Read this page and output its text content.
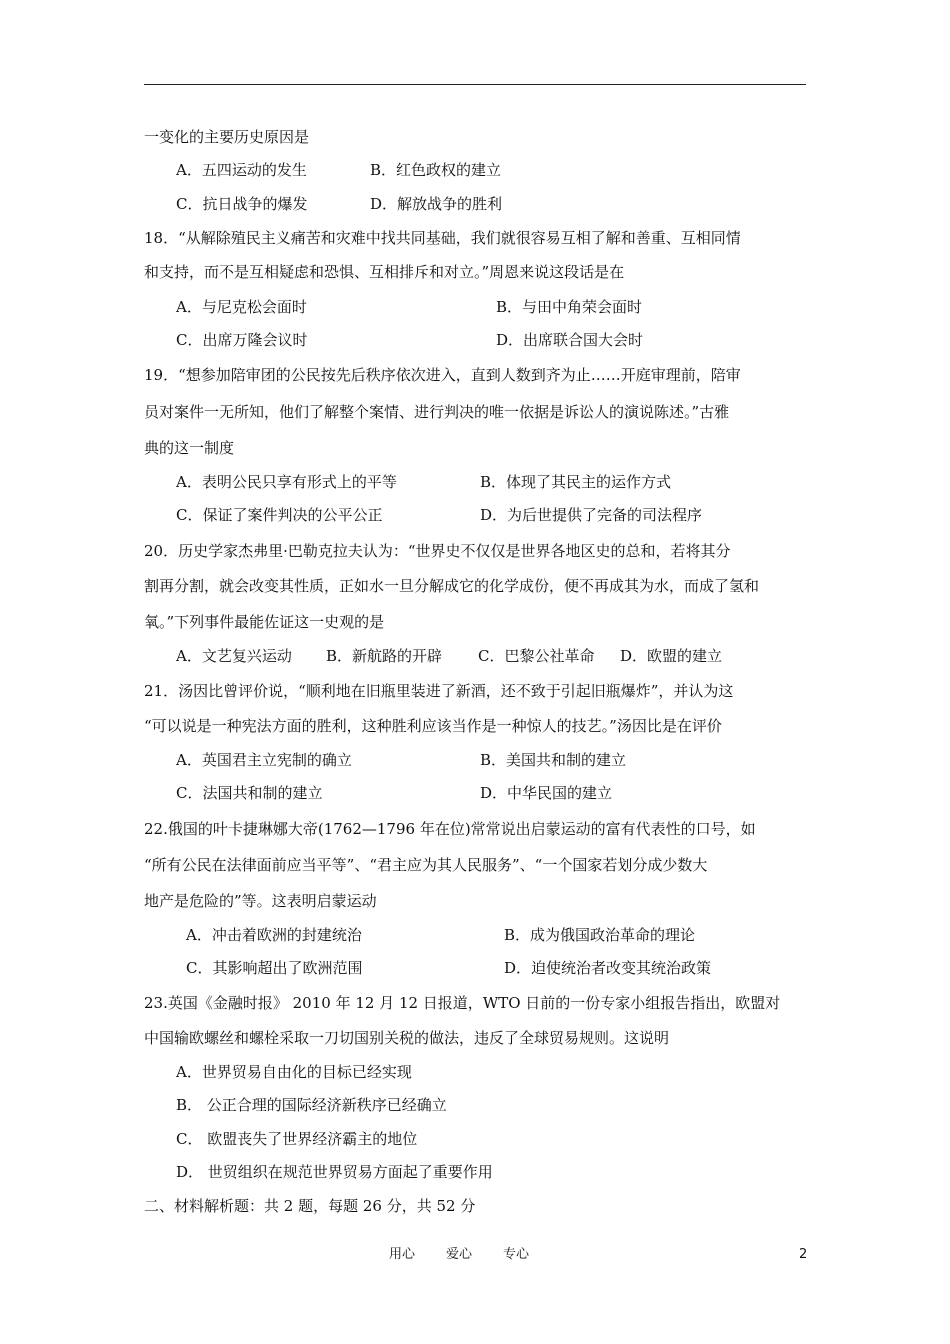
一变化的主要历史原因是
A．五四运动的发生	B．红色政权的建立
C．抗日战争的爆发	D．解放战争的胜利
18．“从解除殖民主义痛苦和灾难中找共同基础，我们就很容易互相了解和善重、互相同情
和支持，而不是互相疑虑和恐惧、互相排斥和对立。”周恩来说这段话是在
A．与尼克松会面时	B．与田中角荣会面时
C．出席万隆会议时	D．出席联合国大会时
19．“想参加陪审团的公民按先后秩序依次进入，直到人数到齐为止……开庭审理前，陪审
员对案件一无所知，他们了解整个案情、进行判决的唯一依据是诉讼人的演说陈述。”古雅
典的这一制度
A．表明公民只享有形式上的平等	B．体现了其民主的运作方式
C．保证了案件判决的公平公正	D．为后世提供了完备的司法程序
20．历史学家杰弗里·巴勒克拉夫认为：“世界史不仅仅是世界各地区史的总和，若将其分
割再分割，就会改变其性质，正如水一旦分解成它的化学成份，便不再成其为水，而成了氢和
氧。”下列事件最能佐证这一史观的是
A．文艺复兴运动 B．新航路的开辟 C．巴黎公社革命 D．欧盟的建立
21．汤因比曾评价说，“顺利地在旧瓶里装进了新酒，还不致于引起旧瓶爆炸”，并认为这
“可以说是一种宪法方面的胜利，这种胜利应该当作是一种惊人的技艺。”汤因比是在评价
A．英国君主立宪制的确立	B．美国共和制的建立
C．法国共和制的建立	D．中华民国的建立
22.俄国的叶卡捷琳娜大帝(1762—1796 年在位)常常说出启蒙运动的富有代表性的口号，如
“所有公民在法律面前应当平等”、“君主应为其人民服务”、“一个国家若划分成少数大
地产是危险的”等。这表明启蒙运动
A．冲击着欧洲的封建统治	B．成为俄国政治革命的理论
C．其影响超出了欧洲范围	D．迫使统治者改变其统治政策
23.英国《金融时报》 2010 年 12 月 12 日报道，WTO 日前的一份专家小组报告指出，欧盟对
中国输欧螺丝和螺栓采取一刀切国别关税的做法，违反了全球贸易规则。这说明
A．世界贸易自由化的目标已经实现
B． 公正合理的国际经济新秩序已经确立
C． 欧盟丧失了世界经济霸主的地位
D． 世贸组织在规范世界贸易方面起了重要作用
二、材料解析题：共 2 题，每题 26 分，共 52 分
用心 爱心 专心	2
